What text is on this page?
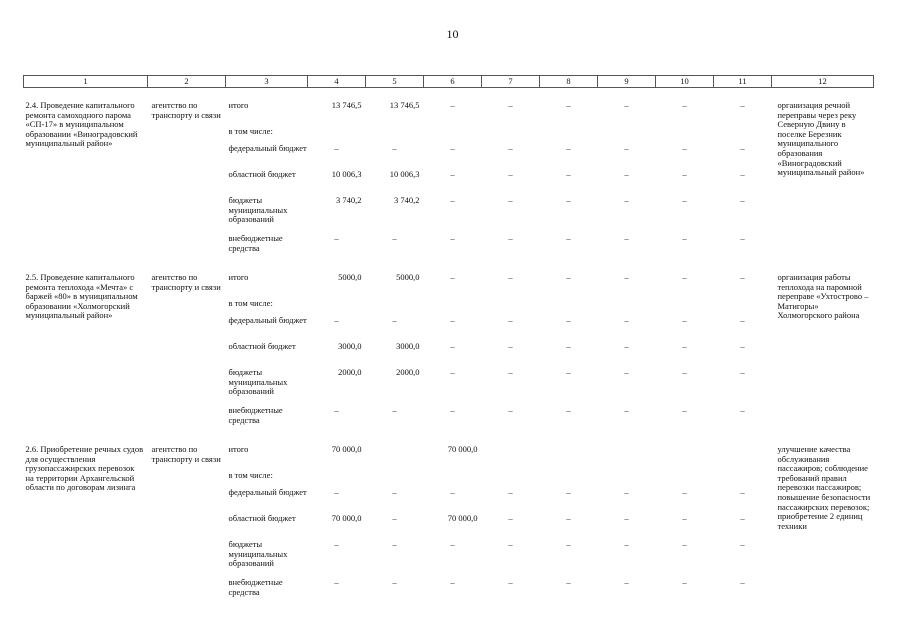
10
1	2	3	4	5	6	7	8	9	10	11	12

2.4. Проведение капитального ремонта самоходного парома «СП-17» в муниципальном образовании «Виноградовский муниципальный район»	агентство по транспорту и связи	итого	13 746,5	13 746,5	–	–	–	–	–	–	организация речной переправы через реку Северную Двину в поселке Березник муниципального образования «Виноградовский муниципальный район»
		в том числе:									
		федеральный бюджет	–	–	–	–	–	–	–	–	
		областной бюджет	10 006,3	10 006,3	–	–	–	–	–	–	
		бюджеты муниципальных образований	3 740,2	3 740,2	–	–	–	–	–	–	
		внебюджетные средства	–	–	–	–	–	–	–	–	

2.5. Проведение капитального ремонта теплохода «Мечта» с баржей «80» в муниципальном образовании «Холмогорский муниципальный район»	агентство по транспорту и связи	итого	5000,0	5000,0	–	–	–	–	–	–	организация работы теплохода на паромной переправе «Ухтострово – Матигоры» Холмогорского района
		в том числе:									
		федеральный бюджет	–	–	–	–	–	–	–	–	
		областной бюджет	3000,0	3000,0	–	–	–	–	–	–	
		бюджеты муниципальных образований	2000,0	2000,0	–	–	–	–	–	–	
		внебюджетные средства	–	–	–	–	–	–	–	–	

2.6. Приобретение речных судов для осуществления грузопассажирских перевозок на территории Архангельской области по договорам лизинга	агентство по транспорту и связи	итого	70 000,0		70 000,0						улучшение качества обслуживания пассажиров; соблюдение требований правил перевозки пассажиров; повышение безопасности пассажирских перевозок; приобретение 2 единиц техники
		в том числе:									
		федеральный бюджет	–	–	–	–	–	–	–	–	
		областной бюджет	70 000,0	–	70 000,0	–	–	–	–	–	
		бюджеты муниципальных образований	–	–	–	–	–	–	–	–	
		внебюджетные средства	–	–	–	–	–	–	–	–	
